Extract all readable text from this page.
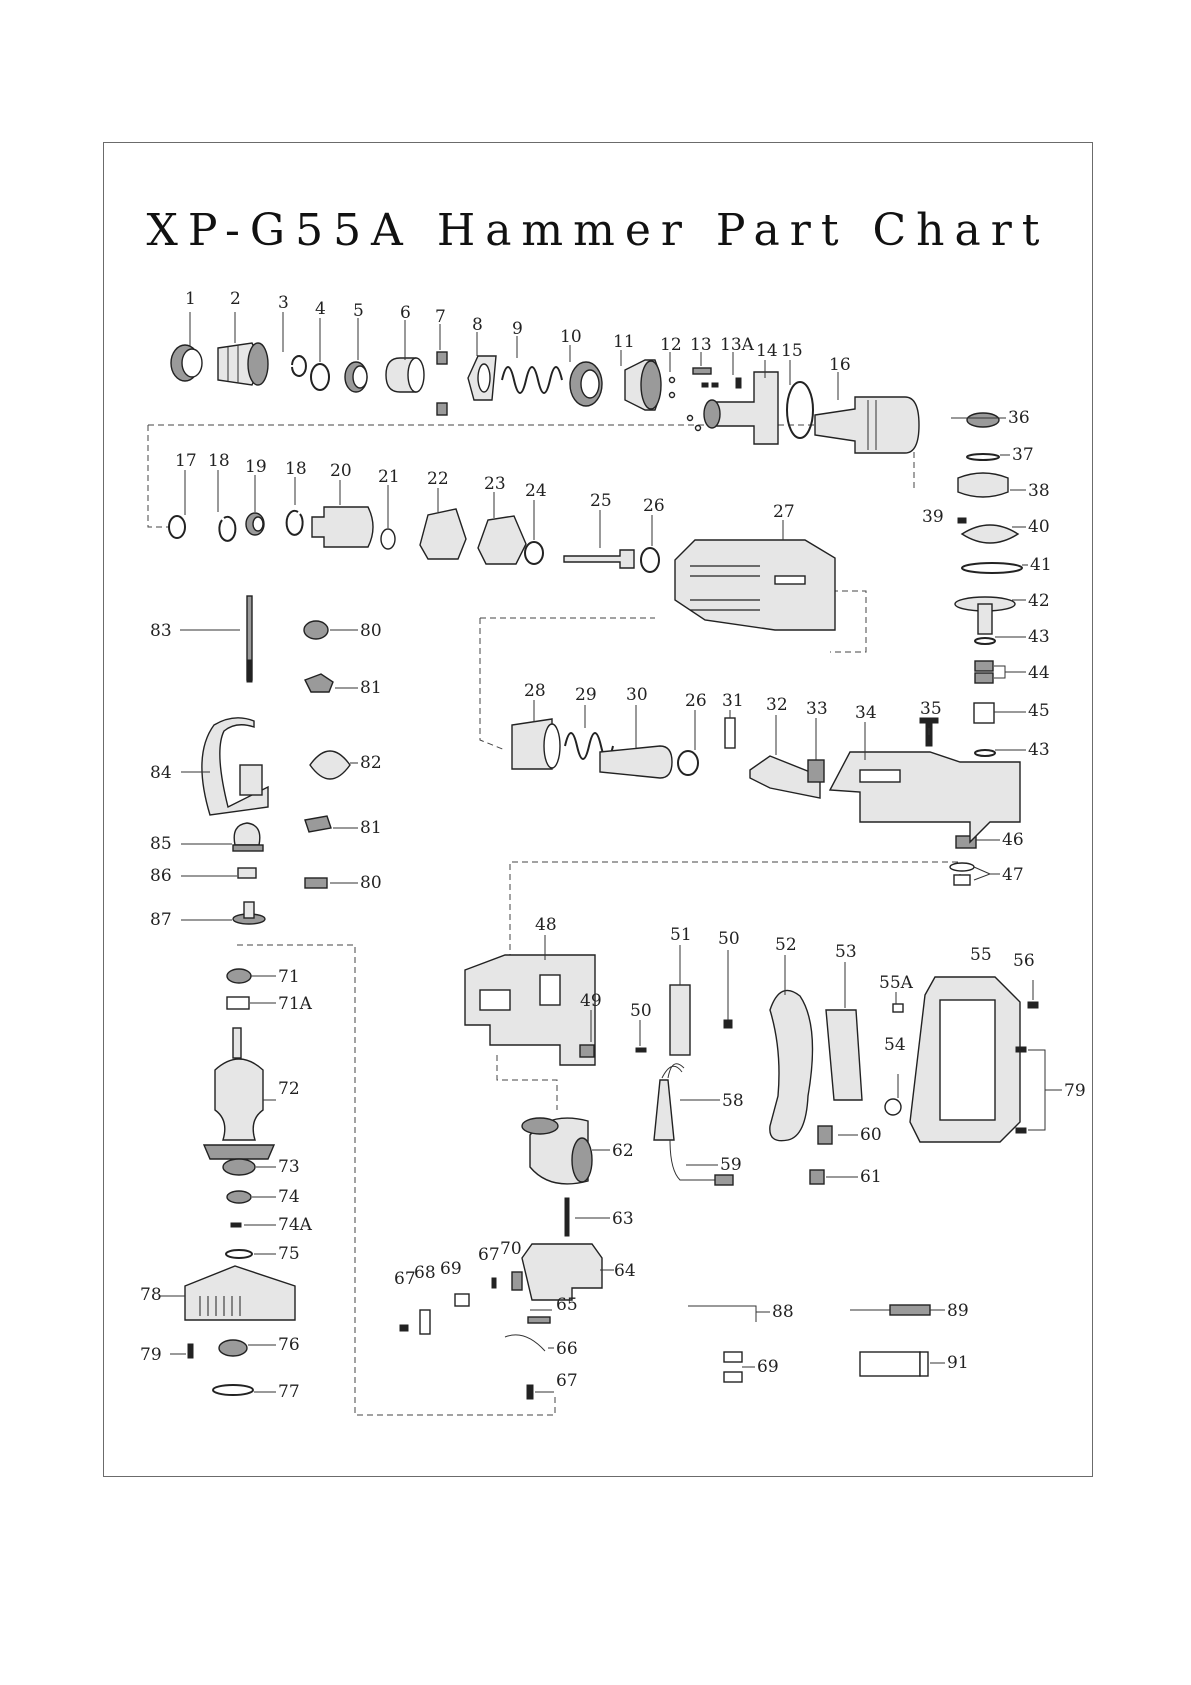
XP-G55A Hammer Part Chart
1 2 3 4 5 6 7 8 9 10 11 12 13 13A 14 15
16
17 18 19 18 20 21 22 23 24	25 26	27
36
37
38
39	40
41
42
43
44
45
43
46
47
83	80
81
82
84
81
85
86	80
87
28 29 30 26 31 32 33 34	35
48
49 50
51 50 52 53
55A
55 56
54
79
58
60
61
59
62
63
67 70
64
67
68 69
65
66
67
71
71A
72
73
74
74A
75
78
76
79
77
88	89
69	91
